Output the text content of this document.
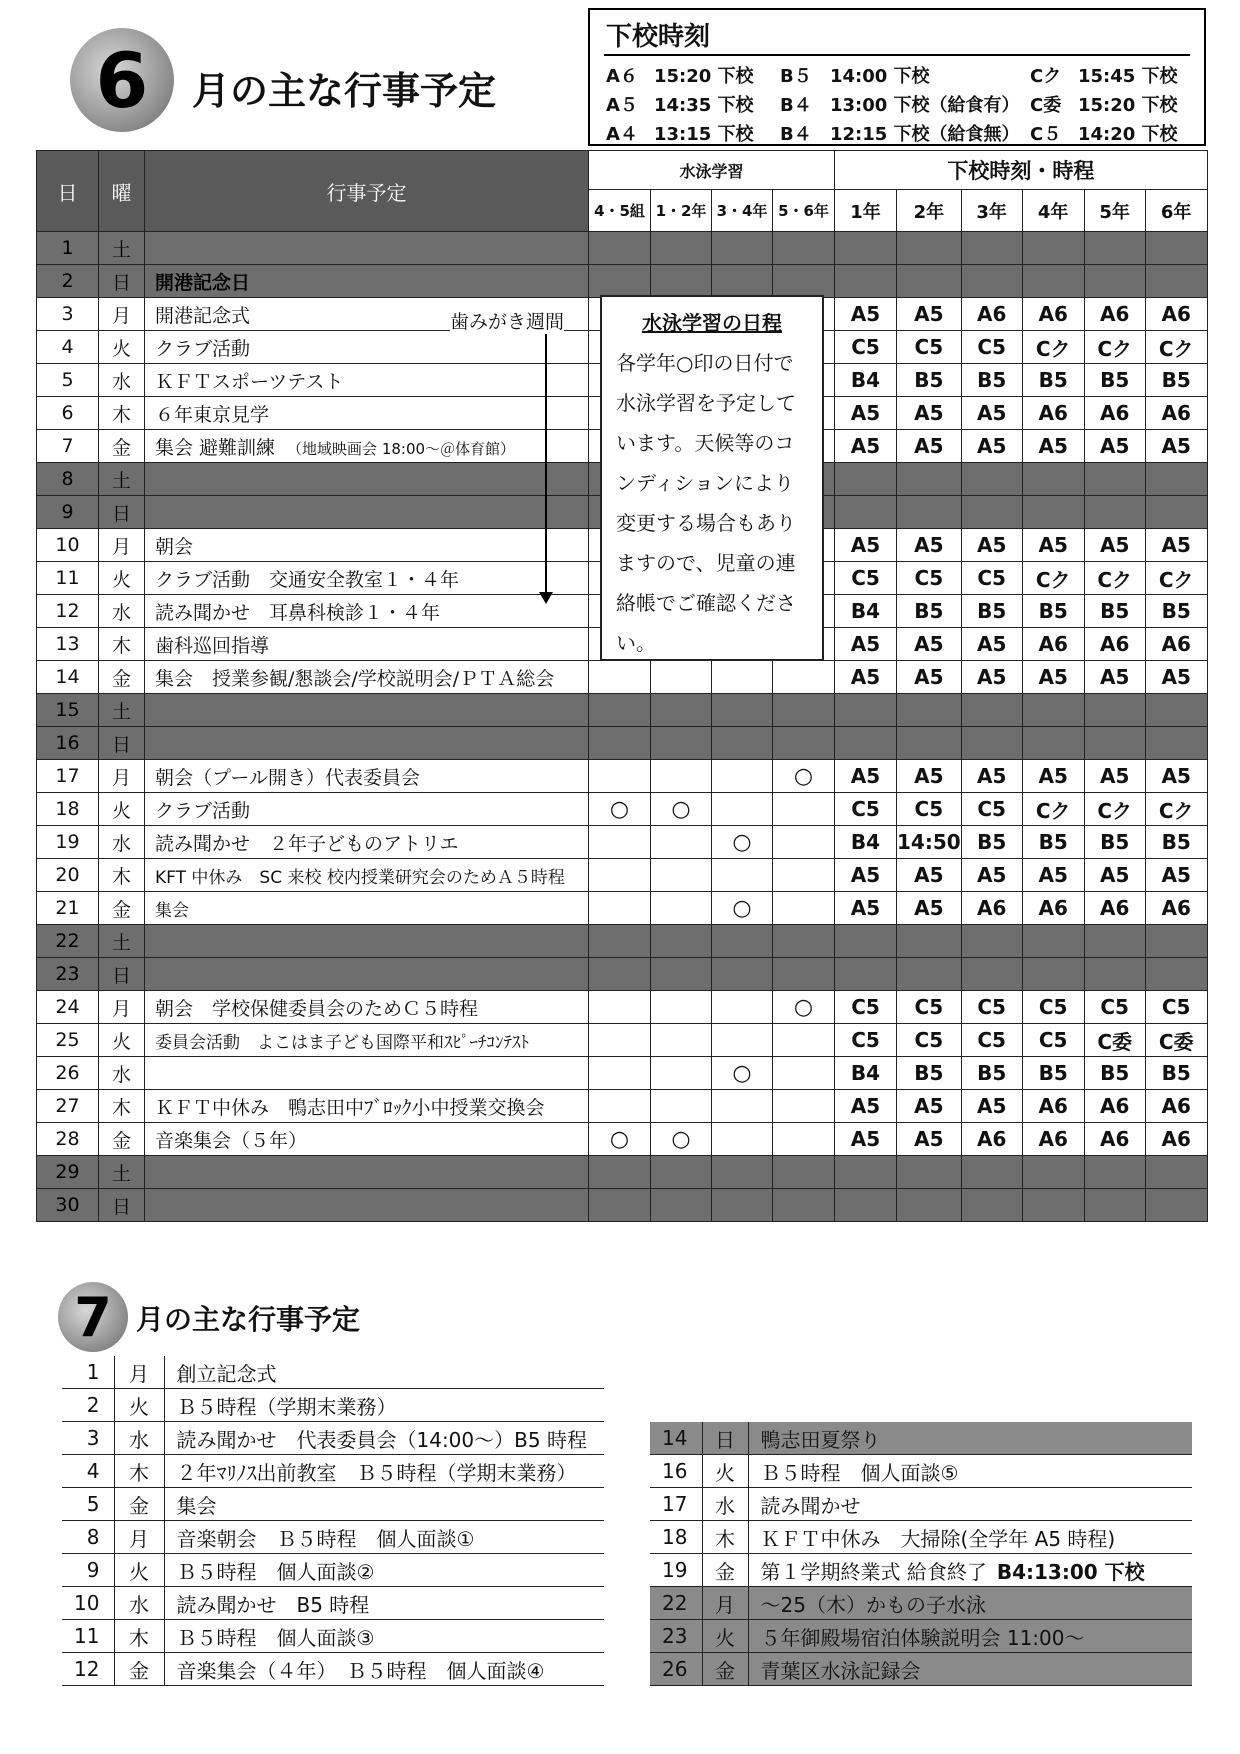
6	月の主な行事予定
下校時刻
A６ 15:20 下校 B５ 14:00 下校	Cク 15:45 下校
A５ 14:35 下校 B４ 13:00 下校（給食有） C委 15:20 下校
A４ 13:15 下校 B４ 12:15 下校（給食無） C５ 14:20 下校
日	曜	行事予定	水泳学習				下校時刻・時程					
			4・5組	1・2年	3・4年	5・6年	1年	2年	3年	4年	5年	6年
1	土											
2	日	開港記念日										
3	月	開港記念式					A5	A5	A6	A6	A6	A6
4	火	クラブ活動					C5	C5	C5	Cク	Cク	Cク
5	水	ＫＦＴスポーツテスト					B4	B5	B5	B5	B5	B5
6	木	６年東京見学					A5	A5	A5	A6	A6	A6
7	金	集会 避難訓練 （地域映画会 18:00～＠体育館）					A5	A5	A5	A5	A5	A5
8	土											
9	日											
10	月	朝会					A5	A5	A5	A5	A5	A5
11	火	クラブ活動　交通安全教室１・４年					C5	C5	C5	Cク	Cク	Cク
12	水	読み聞かせ　耳鼻科検診１・４年					B4	B5	B5	B5	B5	B5
13	木	歯科巡回指導					A5	A5	A5	A6	A6	A6
14	金	集会　授業参観/懇談会/学校説明会/ＰＴＡ総会					A5	A5	A5	A5	A5	A5
15	土											
16	日											
17	月	朝会（プール開き）代表委員会				○	A5	A5	A5	A5	A5	A5
18	火	クラブ活動	○	○			C5	C5	C5	Cク	Cク	Cク
19	水	読み聞かせ　２年子どものアトリエ			○		B4	14:50	B5	B5	B5	B5
20	木	KFT 中休み　SC 来校 校内授業研究会のためＡ５時程					A5	A5	A5	A5	A5	A5
21	金	集会			○		A5	A5	A6	A6	A6	A6
22	土											
23	日											
24	月	朝会　学校保健委員会のためＣ５時程				○	C5	C5	C5	C5	C5	C5
25	火	委員会活動　よこはま子ども国際平和ｽﾋﾟｰﾁｺﾝﾃｽﾄ					C5	C5	C5	C5	C委	C委
26	水				○		B4	B5	B5	B5	B5	B5
27	木	ＫＦＴ中休み　鴨志田中ﾌﾞﾛｯｸ小中授業交換会					A5	A5	A5	A6	A6	A6
28	金	音楽集会（５年）	○	○			A5	A5	A6	A6	A6	A6
29	土											
30	日											
歯みがき週間	水泳学習の日程
各学年○印の日付で
水泳学習を予定して
います。天候等のコ
ンディションにより
変更する場合もあり
ますので、児童の連
絡帳でご確認くださ
い。
7 月の主な行事予定
1	月	創立記念式
2	火	Ｂ５時程（学期末業務）
3	水	読み聞かせ　代表委員会（14:00～）B5 時程
4	木	２年ﾏﾘﾉｽ出前教室　Ｂ５時程（学期末業務）
5	金	集会
8	月	音楽朝会　Ｂ５時程　個人面談①
9	火	Ｂ５時程　個人面談②
10	水	読み聞かせ　B5 時程
11	木	Ｂ５時程　個人面談③
12	金	音楽集会（４年）　Ｂ５時程　個人面談④
14	日	鴨志田夏祭り
16	火	Ｂ５時程　個人面談⑤
17	水	読み聞かせ
18	木	ＫＦＴ中休み　大掃除(全学年 A5 時程)
19	金	第１学期終業式 給食終了 B4:13:00 下校
22	月	～25（木）かもの子水泳
23	火	５年御殿場宿泊体験説明会 11:00～
26	金	青葉区水泳記録会
